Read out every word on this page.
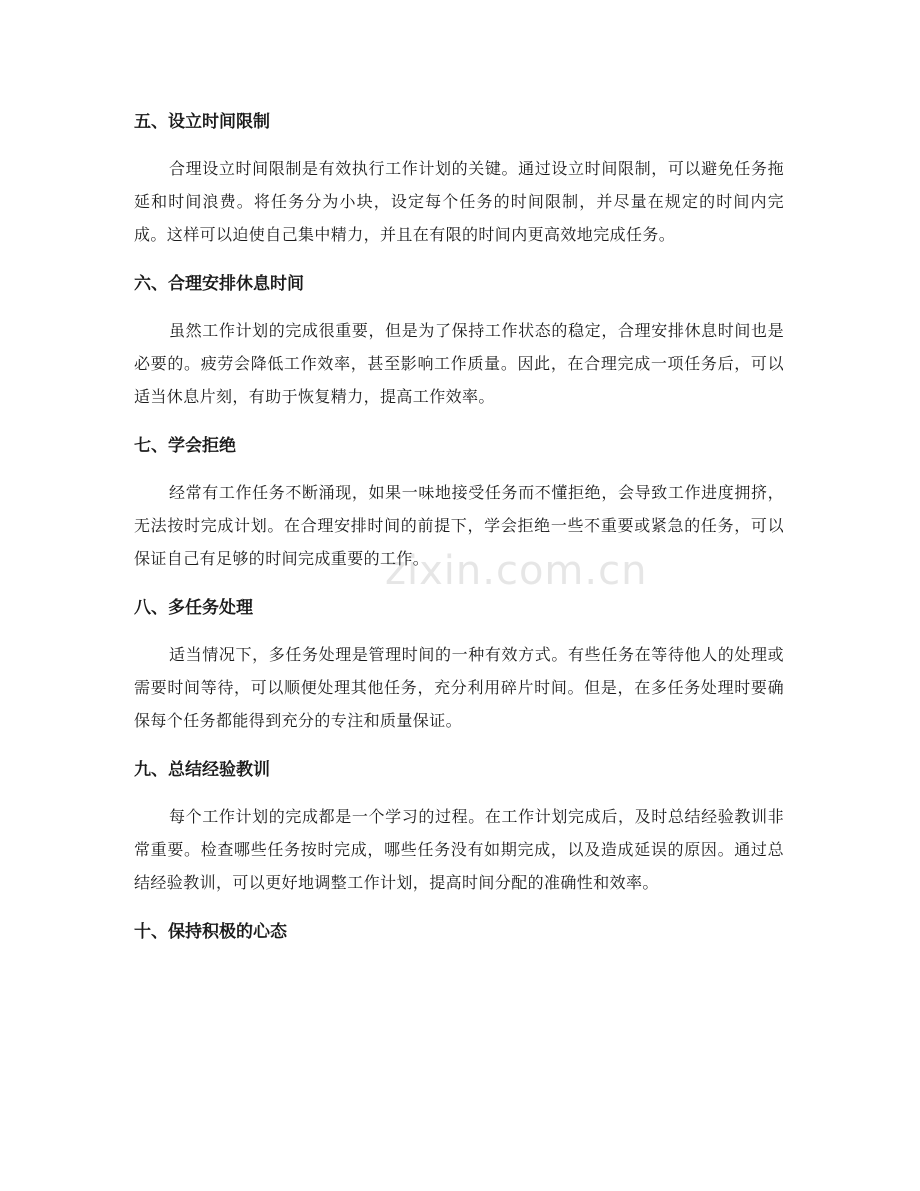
zixin.com.cn
五、设立时间限制

合理设立时间限制是有效执行工作计划的关键。通过设立时间限制，可以避免任务拖延和时间浪费。将任务分为小块，设定每个任务的时间限制，并尽量在规定的时间内完成。这样可以迫使自己集中精力，并且在有限的时间内更高效地完成任务。

六、合理安排休息时间

虽然工作计划的完成很重要，但是为了保持工作状态的稳定，合理安排休息时间也是必要的。疲劳会降低工作效率，甚至影响工作质量。因此，在合理完成一项任务后，可以适当休息片刻，有助于恢复精力，提高工作效率。

七、学会拒绝

经常有工作任务不断涌现，如果一味地接受任务而不懂拒绝，会导致工作进度拥挤，无法按时完成计划。在合理安排时间的前提下，学会拒绝一些不重要或紧急的任务，可以保证自己有足够的时间完成重要的工作。

八、多任务处理

适当情况下，多任务处理是管理时间的一种有效方式。有些任务在等待他人的处理或需要时间等待，可以顺便处理其他任务，充分利用碎片时间。但是，在多任务处理时要确保每个任务都能得到充分的专注和质量保证。

九、总结经验教训

每个工作计划的完成都是一个学习的过程。在工作计划完成后，及时总结经验教训非常重要。检查哪些任务按时完成，哪些任务没有如期完成，以及造成延误的原因。通过总结经验教训，可以更好地调整工作计划，提高时间分配的准确性和效率。

十、保持积极的心态
